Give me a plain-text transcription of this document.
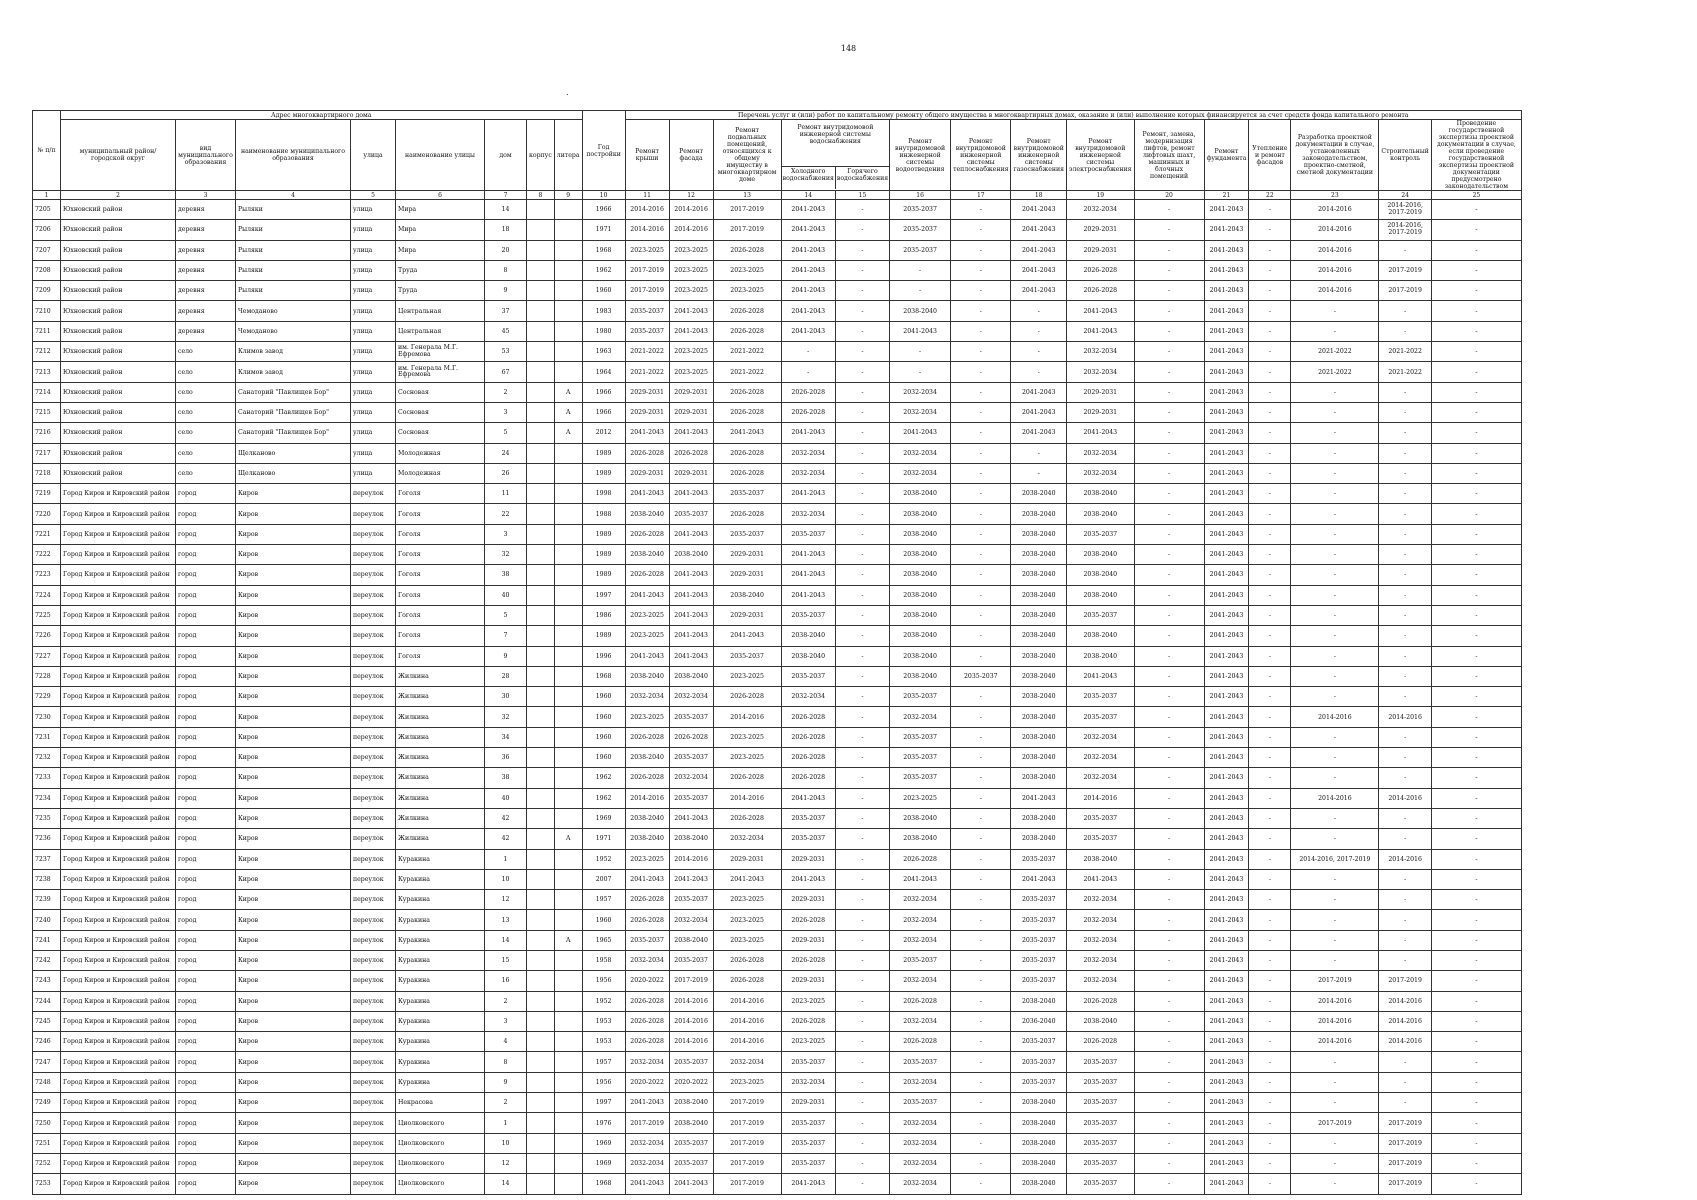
148
.
№ п/п	Адрес многоквартирного дома								Год постройки	Перечень услуг и (или) работ по капитальному ремонту общего имущества в многоквартирных домах, оказание и (или) выполнение которых финансируется за счет средств фонда капитального ремонта														
	муниципальный район/городской округ	вид муниципального образования	наименование муниципального образования	улица	наименование улицы	дом	корпус	литера		Ремонт крыши	Ремонт фасада	Ремонт подвальных помещений, относящихся к общему имуществу в многоквартирном доме	Ремонт внутридомовой инженерной системы водоснабжения
Холодного водоснабжения
Горячего водоснабжения		Ремонт внутридомовой инженерной системы водоотведения	Ремонт внутридомовой инженерной системы теплоснабжения	Ремонт внутридомовой инженерной системы газоснабжения	Ремонт внутридомовой инженерной системы электроснабжения	Ремонт, замена, модернизация лифтов, ремонт лифтовых шахт, машинных и блочных помещений	Ремонт фундамента	Утепление и ремонт фасадов	Разработка проектной документации в случае, установленных законодательством, проектно-сметной, сметной документации	Строительный контроль	Проведение государственной экспертизы проектной документации в случае, если проведение государственной экспертизы проектной документации предусмотрено законодательством
1	2	3	4	5	6	7	8	9	10	11	12	13	14	15	16	17	18	19	20	21	22	23	24	25
7205	Юхновский район	деревня	Рыляки	улица	Мира	14			1966	2014-2016	2014-2016	2017-2019	2041-2043	-	2035-2037	-	2041-2043	2032-2034	-	2041-2043	-	2014-2016	2014-2016, 2017-2019	-
7206	Юхновский район	деревня	Рыляки	улица	Мира	18			1971	2014-2016	2014-2016	2017-2019	2041-2043	-	2035-2037	-	2041-2043	2029-2031	-	2041-2043	-	2014-2016	2014-2016, 2017-2019	-
7207	Юхновский район	деревня	Рыляки	улица	Мира	20			1968	2023-2025	2023-2025	2026-2028	2041-2043	-	2035-2037	-	2041-2043	2029-2031	-	2041-2043	-	2014-2016	-	-
7208	Юхновский район	деревня	Рыляки	улица	Труда	8			1962	2017-2019	2023-2025	2023-2025	2041-2043	-	-	-	2041-2043	2026-2028	-	2041-2043	-	2014-2016	2017-2019	-
7209	Юхновский район	деревня	Рыляки	улица	Труда	9			1960	2017-2019	2023-2025	2023-2025	2041-2043	-	-	-	2041-2043	2026-2028	-	2041-2043	-	2014-2016	2017-2019	-
7210	Юхновский район	деревня	Чемоданово	улица	Центральная	37			1983	2035-2037	2041-2043	2026-2028	2041-2043	-	2038-2040	-	-	2041-2043	-	2041-2043	-	-	-	-
7211	Юхновский район	деревня	Чемоданово	улица	Центральная	45			1980	2035-2037	2041-2043	2026-2028	2041-2043	-	2041-2043	-	-	2041-2043	-	2041-2043	-	-	-	-
7212	Юхновский район	село	Климов завод	улица	им. Генерала М.Г. Ефремова	53			1963	2021-2022	2023-2025	2021-2022	-	-	-	-	-	2032-2034	-	2041-2043	-	2021-2022	2021-2022	-
7213	Юхновский район	село	Климов завод	улица	им. Генерала М.Г. Ефремова	67			1964	2021-2022	2023-2025	2021-2022	-	-	-	-	-	2032-2034	-	2041-2043	-	2021-2022	2021-2022	-
7214	Юхновский район	село	Санаторий "Павлищев Бор"	улица	Сосновая	2		А	1966	2029-2031	2029-2031	2026-2028	2026-2028	-	2032-2034	-	2041-2043	2029-2031	-	2041-2043	-	-	-	-
7215	Юхновский район	село	Санаторий "Павлищев Бор"	улица	Сосновая	3		А	1966	2029-2031	2029-2031	2026-2028	2026-2028	-	2032-2034	-	2041-2043	2029-2031	-	2041-2043	-	-	-	-
7216	Юхновский район	село	Санаторий "Павлищев Бор"	улица	Сосновая	5		А	2012	2041-2043	2041-2043	2041-2043	2041-2043	-	2041-2043	-	2041-2043	2041-2043	-	2041-2043	-	-	-	-
7217	Юхновский район	село	Щелканово	улица	Молодежная	24			1989	2026-2028	2026-2028	2026-2028	2032-2034	-	2032-2034	-	-	2032-2034	-	2041-2043	-	-	-	-
7218	Юхновский район	село	Щелканово	улица	Молодежная	26			1989	2029-2031	2029-2031	2026-2028	2032-2034	-	2032-2034	-	-	2032-2034	-	2041-2043	-	-	-	-
7219	Город Киров и Кировский район	город	Киров	переулок	Гоголя	11			1998	2041-2043	2041-2043	2035-2037	2041-2043	-	2038-2040	-	2038-2040	2038-2040	-	2041-2043	-	-	-	-
7220	Город Киров и Кировский район	город	Киров	переулок	Гоголя	22			1988	2038-2040	2035-2037	2026-2028	2032-2034	-	2038-2040	-	2038-2040	2038-2040	-	2041-2043	-	-	-	-
7221	Город Киров и Кировский район	город	Киров	переулок	Гоголя	3			1989	2026-2028	2041-2043	2035-2037	2035-2037	-	2038-2040	-	2038-2040	2035-2037	-	2041-2043	-	-	-	-
7222	Город Киров и Кировский район	город	Киров	переулок	Гоголя	32			1989	2038-2040	2038-2040	2029-2031	2041-2043	-	2038-2040	-	2038-2040	2038-2040	-	2041-2043	-	-	-	-
7223	Город Киров и Кировский район	город	Киров	переулок	Гоголя	38			1989	2026-2028	2041-2043	2029-2031	2041-2043	-	2038-2040	-	2038-2040	2038-2040	-	2041-2043	-	-	-	-
7224	Город Киров и Кировский район	город	Киров	переулок	Гоголя	40			1997	2041-2043	2041-2043	2038-2040	2041-2043	-	2038-2040	-	2038-2040	2038-2040	-	2041-2043	-	-	-	-
7225	Город Киров и Кировский район	город	Киров	переулок	Гоголя	5			1986	2023-2025	2041-2043	2029-2031	2035-2037	-	2038-2040	-	2038-2040	2035-2037	-	2041-2043	-	-	-	-
7226	Город Киров и Кировский район	город	Киров	переулок	Гоголя	7			1989	2023-2025	2041-2043	2041-2043	2038-2040	-	2038-2040	-	2038-2040	2038-2040	-	2041-2043	-	-	-	-
7227	Город Киров и Кировский район	город	Киров	переулок	Гоголя	9			1996	2041-2043	2041-2043	2035-2037	2038-2040	-	2038-2040	-	2038-2040	2038-2040	-	2041-2043	-	-	-	-
7228	Город Киров и Кировский район	город	Киров	переулок	Жилкина	28			1968	2038-2040	2038-2040	2023-2025	2035-2037	-	2038-2040	2035-2037	2038-2040	2041-2043	-	2041-2043	-	-	-	-
7229	Город Киров и Кировский район	город	Киров	переулок	Жилкина	30			1960	2032-2034	2032-2034	2026-2028	2032-2034	-	2035-2037	-	2038-2040	2035-2037	-	2041-2043	-	-	-	-
7230	Город Киров и Кировский район	город	Киров	переулок	Жилкина	32			1960	2023-2025	2035-2037	2014-2016	2026-2028	-	2032-2034	-	2038-2040	2035-2037	-	2041-2043	-	2014-2016	2014-2016	-
7231	Город Киров и Кировский район	город	Киров	переулок	Жилкина	34			1960	2026-2028	2026-2028	2023-2025	2026-2028	-	2035-2037	-	2038-2040	2032-2034	-	2041-2043	-	-	-	-
7232	Город Киров и Кировский район	город	Киров	переулок	Жилкина	36			1960	2038-2040	2035-2037	2023-2025	2026-2028	-	2035-2037	-	2038-2040	2032-2034	-	2041-2043	-	-	-	-
7233	Город Киров и Кировский район	город	Киров	переулок	Жилкина	38			1962	2026-2028	2032-2034	2026-2028	2026-2028	-	2035-2037	-	2038-2040	2032-2034	-	2041-2043	-	-	-	-
7234	Город Киров и Кировский район	город	Киров	переулок	Жилкина	40			1962	2014-2016	2035-2037	2014-2016	2041-2043	-	2023-2025	-	2041-2043	2014-2016	-	2041-2043	-	2014-2016	2014-2016	-
7235	Город Киров и Кировский район	город	Киров	переулок	Жилкина	42			1969	2038-2040	2041-2043	2026-2028	2035-2037	-	2038-2040	-	2038-2040	2035-2037	-	2041-2043	-	-	-	-
7236	Город Киров и Кировский район	город	Киров	переулок	Жилкина	42		А	1971	2038-2040	2038-2040	2032-2034	2035-2037	-	2038-2040	-	2038-2040	2035-2037	-	2041-2043	-	-	-	-
7237	Город Киров и Кировский район	город	Киров	переулок	Куракина	1			1952	2023-2025	2014-2016	2029-2031	2029-2031	-	2026-2028	-	2035-2037	2038-2040	-	2041-2043	-	2014-2016, 2017-2019	2014-2016	-
7238	Город Киров и Кировский район	город	Киров	переулок	Куракина	10			2007	2041-2043	2041-2043	2041-2043	2041-2043	-	2041-2043	-	2041-2043	2041-2043	-	2041-2043	-	-	-	-
7239	Город Киров и Кировский район	город	Киров	переулок	Куракина	12			1957	2026-2028	2035-2037	2023-2025	2029-2031	-	2032-2034	-	2035-2037	2032-2034	-	2041-2043	-	-	-	-
7240	Город Киров и Кировский район	город	Киров	переулок	Куракина	13			1960	2026-2028	2032-2034	2023-2025	2026-2028	-	2032-2034	-	2035-2037	2032-2034	-	2041-2043	-	-	-	-
7241	Город Киров и Кировский район	город	Киров	переулок	Куракина	14		А	1965	2035-2037	2038-2040	2023-2025	2029-2031	-	2032-2034	-	2035-2037	2032-2034	-	2041-2043	-	-	-	-
7242	Город Киров и Кировский район	город	Киров	переулок	Куракина	15			1958	2032-2034	2035-2037	2026-2028	2026-2028	-	2035-2037	-	2035-2037	2032-2034	-	2041-2043	-	-	-	-
7243	Город Киров и Кировский район	город	Киров	переулок	Куракина	16			1956	2020-2022	2017-2019	2026-2028	2029-2031	-	2032-2034	-	2035-2037	2032-2034	-	2041-2043	-	2017-2019	2017-2019	-
7244	Город Киров и Кировский район	город	Киров	переулок	Куракина	2			1952	2026-2028	2014-2016	2014-2016	2023-2025	-	2026-2028	-	2038-2040	2026-2028	-	2041-2043	-	2014-2016	2014-2016	-
7245	Город Киров и Кировский район	город	Киров	переулок	Куракина	3			1953	2026-2028	2014-2016	2014-2016	2026-2028	-	2032-2034	-	2036-2040	2038-2040	-	2041-2043	-	2014-2016	2014-2016	-
7246	Город Киров и Кировский район	город	Киров	переулок	Куракина	4			1953	2026-2028	2014-2016	2014-2016	2023-2025	-	2026-2028	-	2035-2037	2026-2028	-	2041-2043	-	2014-2016	2014-2016	-
7247	Город Киров и Кировский район	город	Киров	переулок	Куракина	8			1957	2032-2034	2035-2037	2032-2034	2035-2037	-	2035-2037	-	2035-2037	2035-2037	-	2041-2043	-	-	-	-
7248	Город Киров и Кировский район	город	Киров	переулок	Куракина	9			1956	2020-2022	2020-2022	2023-2025	2032-2034	-	2032-2034	-	2035-2037	2035-2037	-	2041-2043	-	-	-	-
7249	Город Киров и Кировский район	город	Киров	переулок	Некрасова	2			1997	2041-2043	2038-2040	2017-2019	2029-2031	-	2035-2037	-	2038-2040	2035-2037	-	2041-2043	-	-	-	-
7250	Город Киров и Кировский район	город	Киров	переулок	Циолковского	1			1976	2017-2019	2038-2040	2017-2019	2035-2037	-	2032-2034	-	2038-2040	2035-2037	-	2041-2043	-	2017-2019	2017-2019	-
7251	Город Киров и Кировский район	город	Киров	переулок	Циолковского	10			1969	2032-2034	2035-2037	2017-2019	2035-2037	-	2032-2034	-	2038-2040	2035-2037	-	2041-2043	-	-	2017-2019	-
7252	Город Киров и Кировский район	город	Киров	переулок	Циолковского	12			1969	2032-2034	2035-2037	2017-2019	2035-2037	-	2032-2034	-	2038-2040	2035-2037	-	2041-2043	-	-	2017-2019	-
7253	Город Киров и Кировский район	город	Киров	переулок	Циолковского	14			1968	2041-2043	2041-2043	2017-2019	2041-2043	-	2032-2034	-	2038-2040	2035-2037	-	2041-2043	-	-	2017-2019	-
